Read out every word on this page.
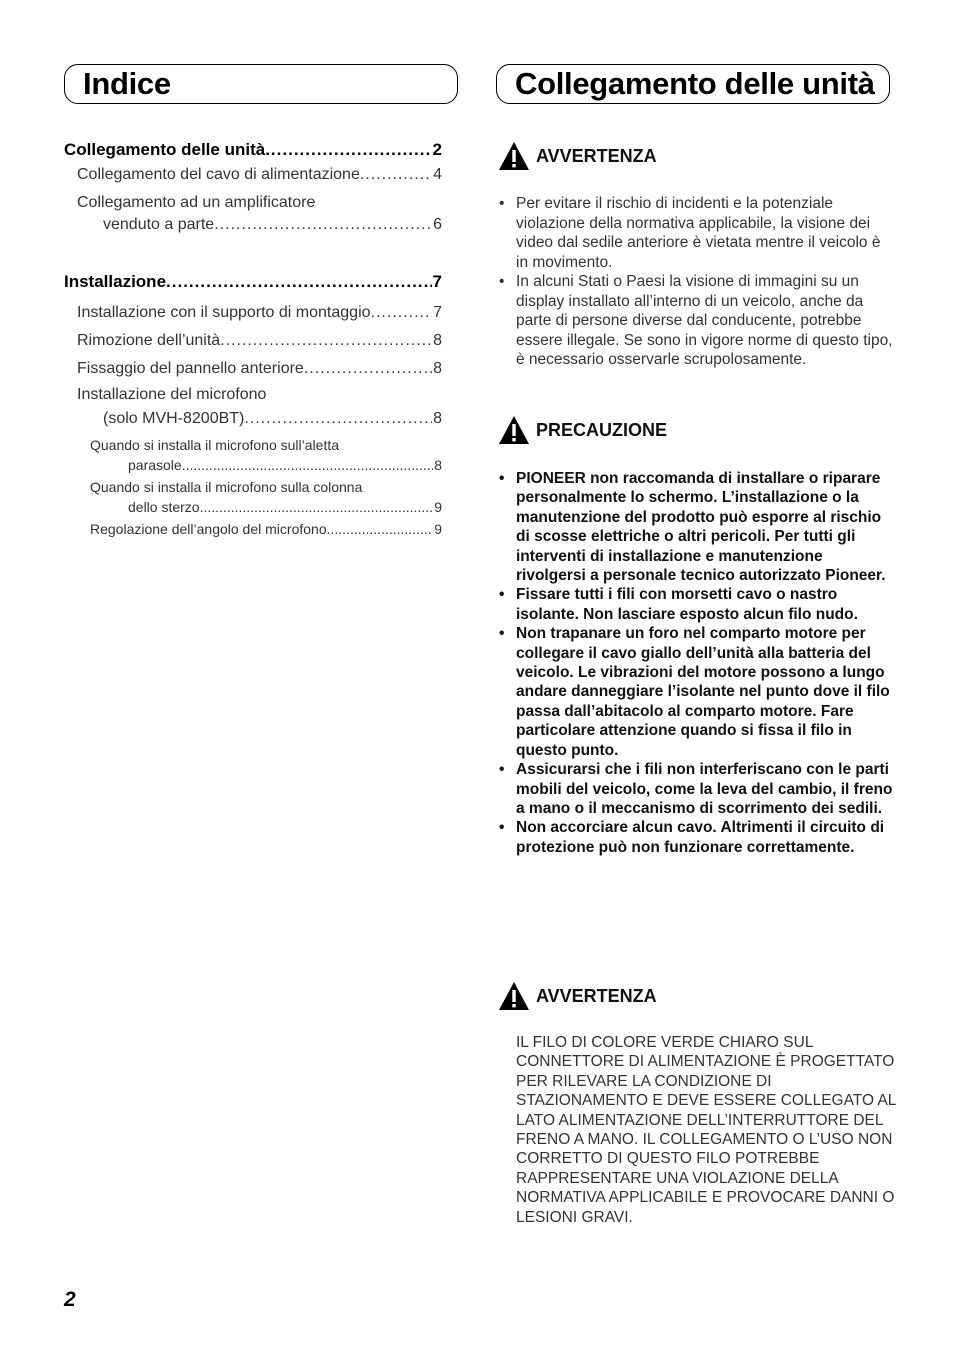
Indice	Collegamento delle unità
Collegamento delle unità .....	2
Collegamento del cavo di alimentazione .....	4
Collegamento ad un amplificatore
venduto a parte .....	6
Installazione .....	7
Installazione con il supporto di montaggio .....	7
Rimozione dell’unità .....	8
Fissaggio del pannello anteriore .....	8
Installazione del microfono
(solo MVH-8200BT) .....	8
Quando si installa il microfono sull’aletta
parasole .....	8
Quando si installa il microfono sulla colonna
dello sterzo .....	9
Regolazione dell’angolo del microfono .....	9
AVVERTENZA
• Per evitare il rischio di incidenti e la potenziale violazione della normativa applicabile, la visione dei video dal sedile anteriore è vietata mentre il veicolo è in movimento.
• In alcuni Stati o Paesi la visione di immagini su un display installato all’interno di un veicolo, anche da parte di persone diverse dal conducente, potrebbe essere illegale. Se sono in vigore norme di questo tipo, è necessario osservarle scrupolosamente.
PRECAUZIONE
• PIONEER non raccomanda di installare o riparare personalmente lo schermo. L’installazione o la manutenzione del prodotto può esporre al rischio di scosse elettriche o altri pericoli. Per tutti gli interventi di installazione e manutenzione rivolgersi a personale tecnico autorizzato Pioneer.
• Fissare tutti i fili con morsetti cavo o nastro isolante. Non lasciare esposto alcun filo nudo.
• Non trapanare un foro nel comparto motore per collegare il cavo giallo dell’unità alla batteria del veicolo. Le vibrazioni del motore possono a lungo andare danneggiare l’isolante nel punto dove il filo passa dall’abitacolo al comparto motore. Fare particolare attenzione quando si fissa il filo in questo punto.
• Assicurarsi che i fili non interferiscano con le parti mobili del veicolo, come la leva del cambio, il freno a mano o il meccanismo di scorrimento dei sedili.
• Non accorciare alcun cavo. Altrimenti il circuito di protezione può non funzionare correttamente.
AVVERTENZA
IL FILO DI COLORE VERDE CHIARO SUL CONNETTORE DI ALIMENTAZIONE È PROGETTATO PER RILEVARE LA CONDIZIONE DI STAZIONAMENTO E DEVE ESSERE COLLEGATO AL LATO ALIMENTAZIONE DELL’INTERRUTTORE DEL FRENO A MANO. IL COLLEGAMENTO O L’USO NON CORRETTO DI QUESTO FILO POTREBBE RAPPRESENTARE UNA VIOLAZIONE DELLA NORMATIVA APPLICABILE E PROVOCARE DANNI O LESIONI GRAVI.
2
